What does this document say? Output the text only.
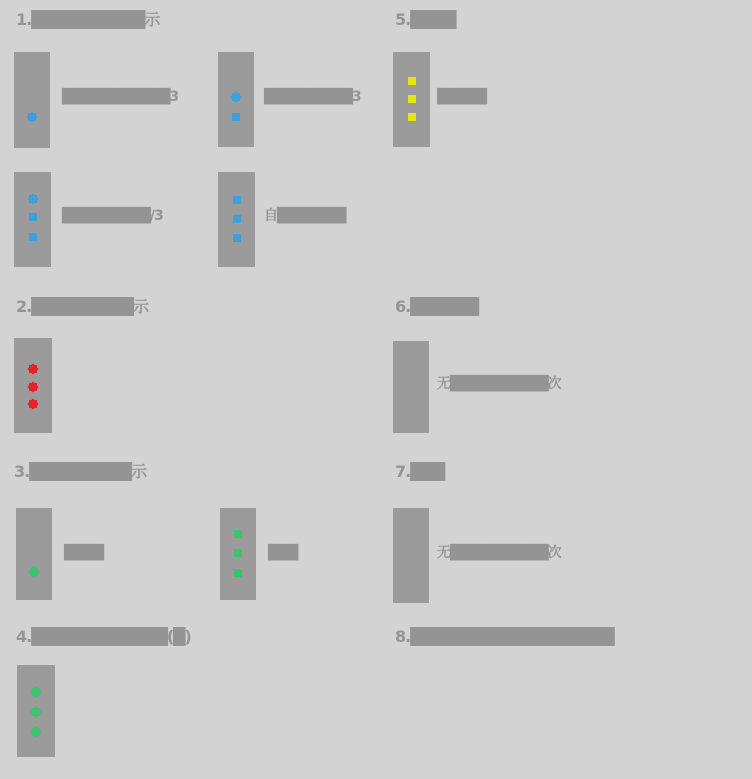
1.██████████示	5.████
2.█████████示	6.██████
3.█████████示	7.███
4.████████████(█)	8.██████████████████
███████████3	█████████3
█████████/3	自███████
█████
无██████████次
████	███	无██████████次
